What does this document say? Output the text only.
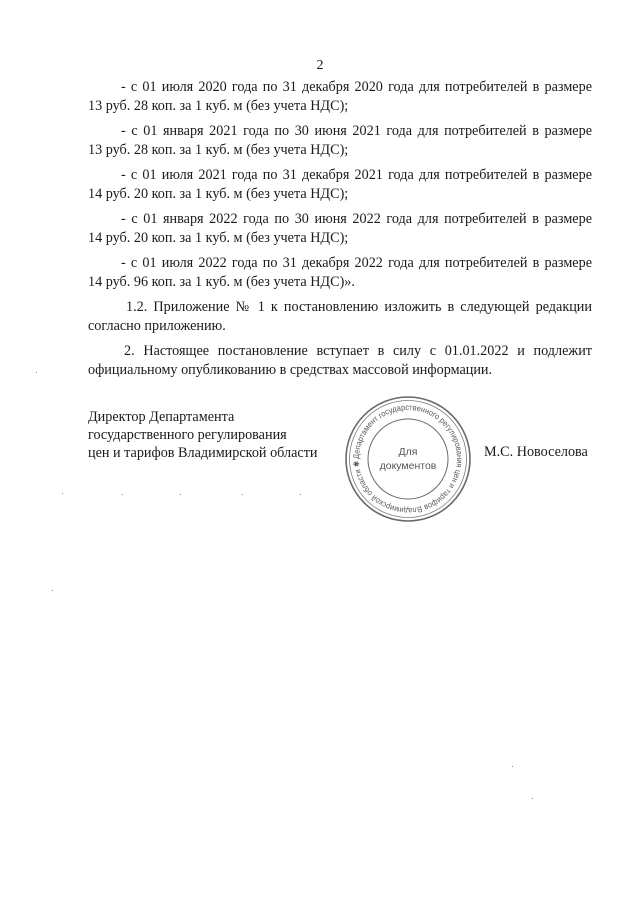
2

- с 01 июля 2020 года по 31 декабря 2020 года для потребителей в размере
13 руб. 28 коп. за 1 куб. м (без учета НДС);

- с 01 января 2021 года по 30 июня 2021 года для потребителей в размере
13 руб. 28 коп. за 1 куб. м (без учета НДС);

- с 01 июля 2021 года по 31 декабря 2021 года для потребителей в размере
14 руб. 20 коп. за 1 куб. м (без учета НДС);

- с 01 января 2022 года по 30 июня 2022 года для потребителей в размере
14 руб. 20 коп. за 1 куб. м (без учета НДС);

- с 01 июля 2022 года по 31 декабря 2022 года для потребителей в размере
14 руб. 96 коп. за 1 куб. м (без учета НДС)».

1.2. Приложение № 1 к постановлению изложить в следующей редакции
согласно приложению.

2. Настоящее постановление вступает в силу с 01.01.2022 и подлежит
официальному опубликованию в средствах массовой информации.

Директор Департамента
государственного регулирования
цен и тарифов Владимирской области	Департамент государственного регулирования цен и тарифов Владимирской области ✱
Для
документов
М.С. Новоселова
